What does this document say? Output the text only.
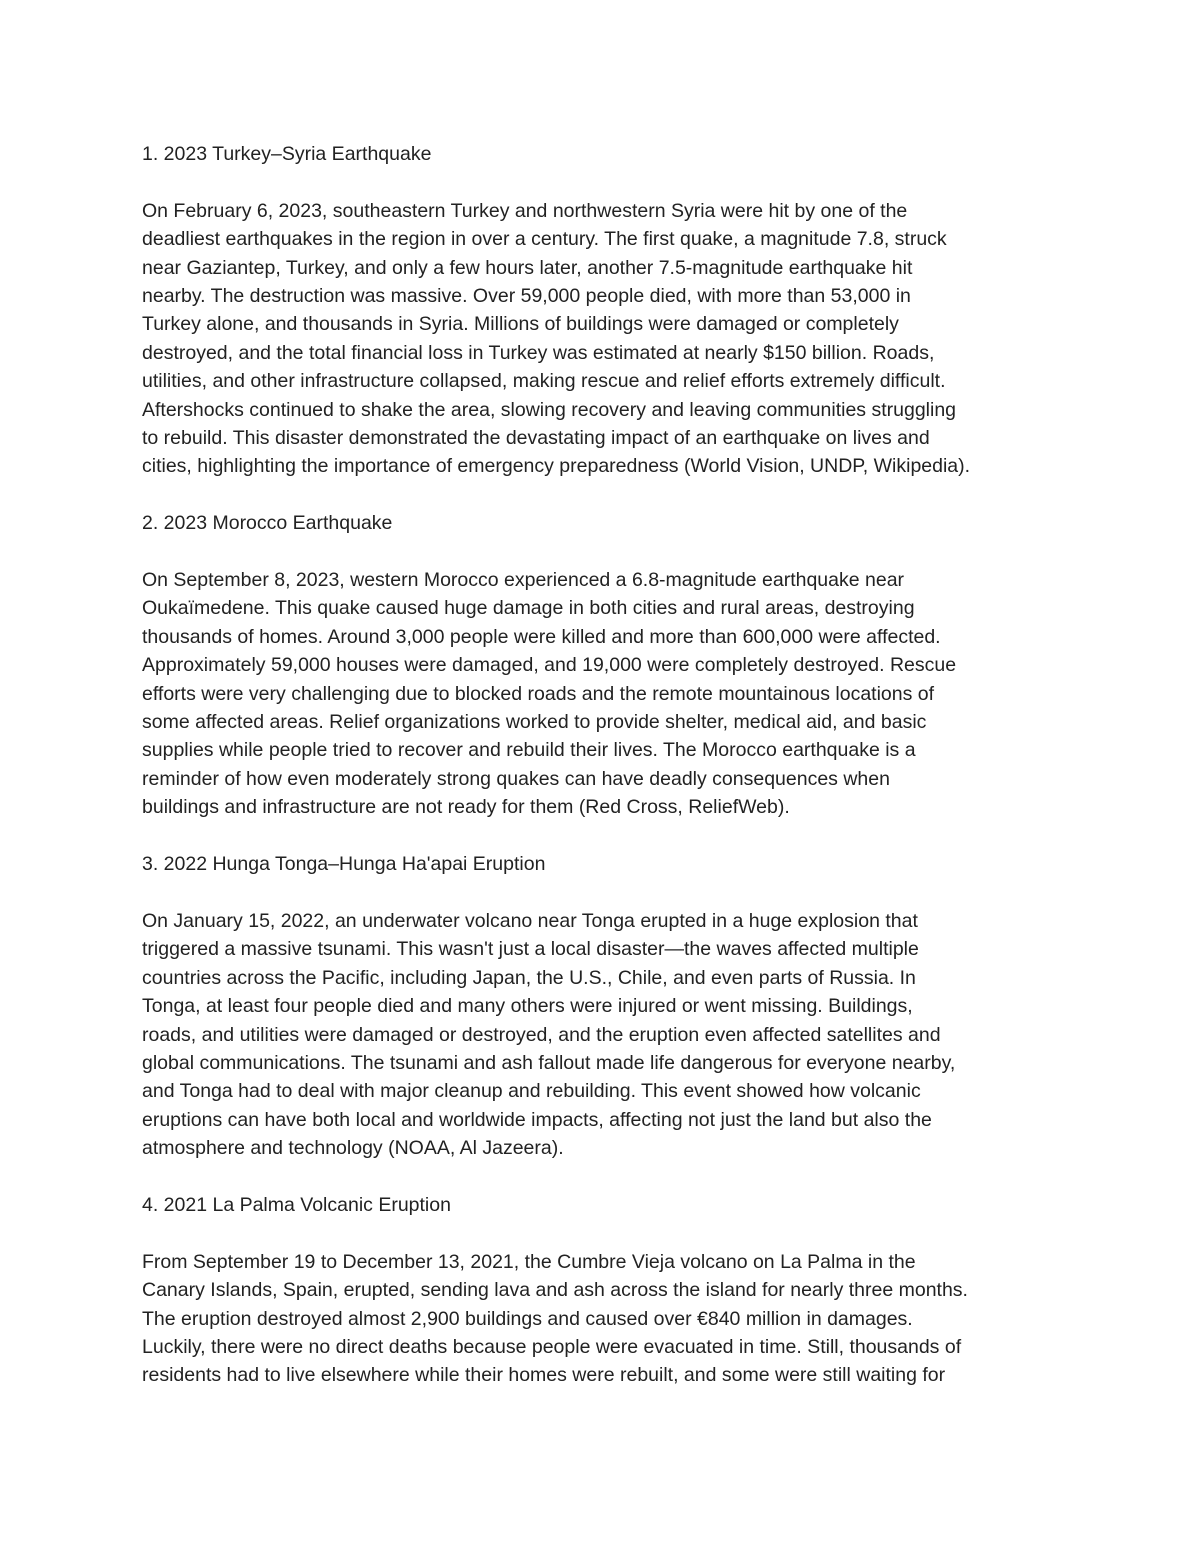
1. 2023 Turkey–Syria Earthquake

On February 6, 2023, southeastern Turkey and northwestern Syria were hit by one of the
deadliest earthquakes in the region in over a century. The first quake, a magnitude 7.8, struck
near Gaziantep, Turkey, and only a few hours later, another 7.5-magnitude earthquake hit
nearby. The destruction was massive. Over 59,000 people died, with more than 53,000 in
Turkey alone, and thousands in Syria. Millions of buildings were damaged or completely
destroyed, and the total financial loss in Turkey was estimated at nearly $150 billion. Roads,
utilities, and other infrastructure collapsed, making rescue and relief efforts extremely difficult.
Aftershocks continued to shake the area, slowing recovery and leaving communities struggling
to rebuild. This disaster demonstrated the devastating impact of an earthquake on lives and
cities, highlighting the importance of emergency preparedness (World Vision, UNDP, Wikipedia).

2. 2023 Morocco Earthquake

On September 8, 2023, western Morocco experienced a 6.8-magnitude earthquake near
Oukaïmedene. This quake caused huge damage in both cities and rural areas, destroying
thousands of homes. Around 3,000 people were killed and more than 600,000 were affected.
Approximately 59,000 houses were damaged, and 19,000 were completely destroyed. Rescue
efforts were very challenging due to blocked roads and the remote mountainous locations of
some affected areas. Relief organizations worked to provide shelter, medical aid, and basic
supplies while people tried to recover and rebuild their lives. The Morocco earthquake is a
reminder of how even moderately strong quakes can have deadly consequences when
buildings and infrastructure are not ready for them (Red Cross, ReliefWeb).

3. 2022 Hunga Tonga–Hunga Ha'apai Eruption

On January 15, 2022, an underwater volcano near Tonga erupted in a huge explosion that
triggered a massive tsunami. This wasn't just a local disaster—the waves affected multiple
countries across the Pacific, including Japan, the U.S., Chile, and even parts of Russia. In
Tonga, at least four people died and many others were injured or went missing. Buildings,
roads, and utilities were damaged or destroyed, and the eruption even affected satellites and
global communications. The tsunami and ash fallout made life dangerous for everyone nearby,
and Tonga had to deal with major cleanup and rebuilding. This event showed how volcanic
eruptions can have both local and worldwide impacts, affecting not just the land but also the
atmosphere and technology (NOAA, Al Jazeera).

4. 2021 La Palma Volcanic Eruption

From September 19 to December 13, 2021, the Cumbre Vieja volcano on La Palma in the
Canary Islands, Spain, erupted, sending lava and ash across the island for nearly three months.
The eruption destroyed almost 2,900 buildings and caused over €840 million in damages.
Luckily, there were no direct deaths because people were evacuated in time. Still, thousands of
residents had to live elsewhere while their homes were rebuilt, and some were still waiting for
